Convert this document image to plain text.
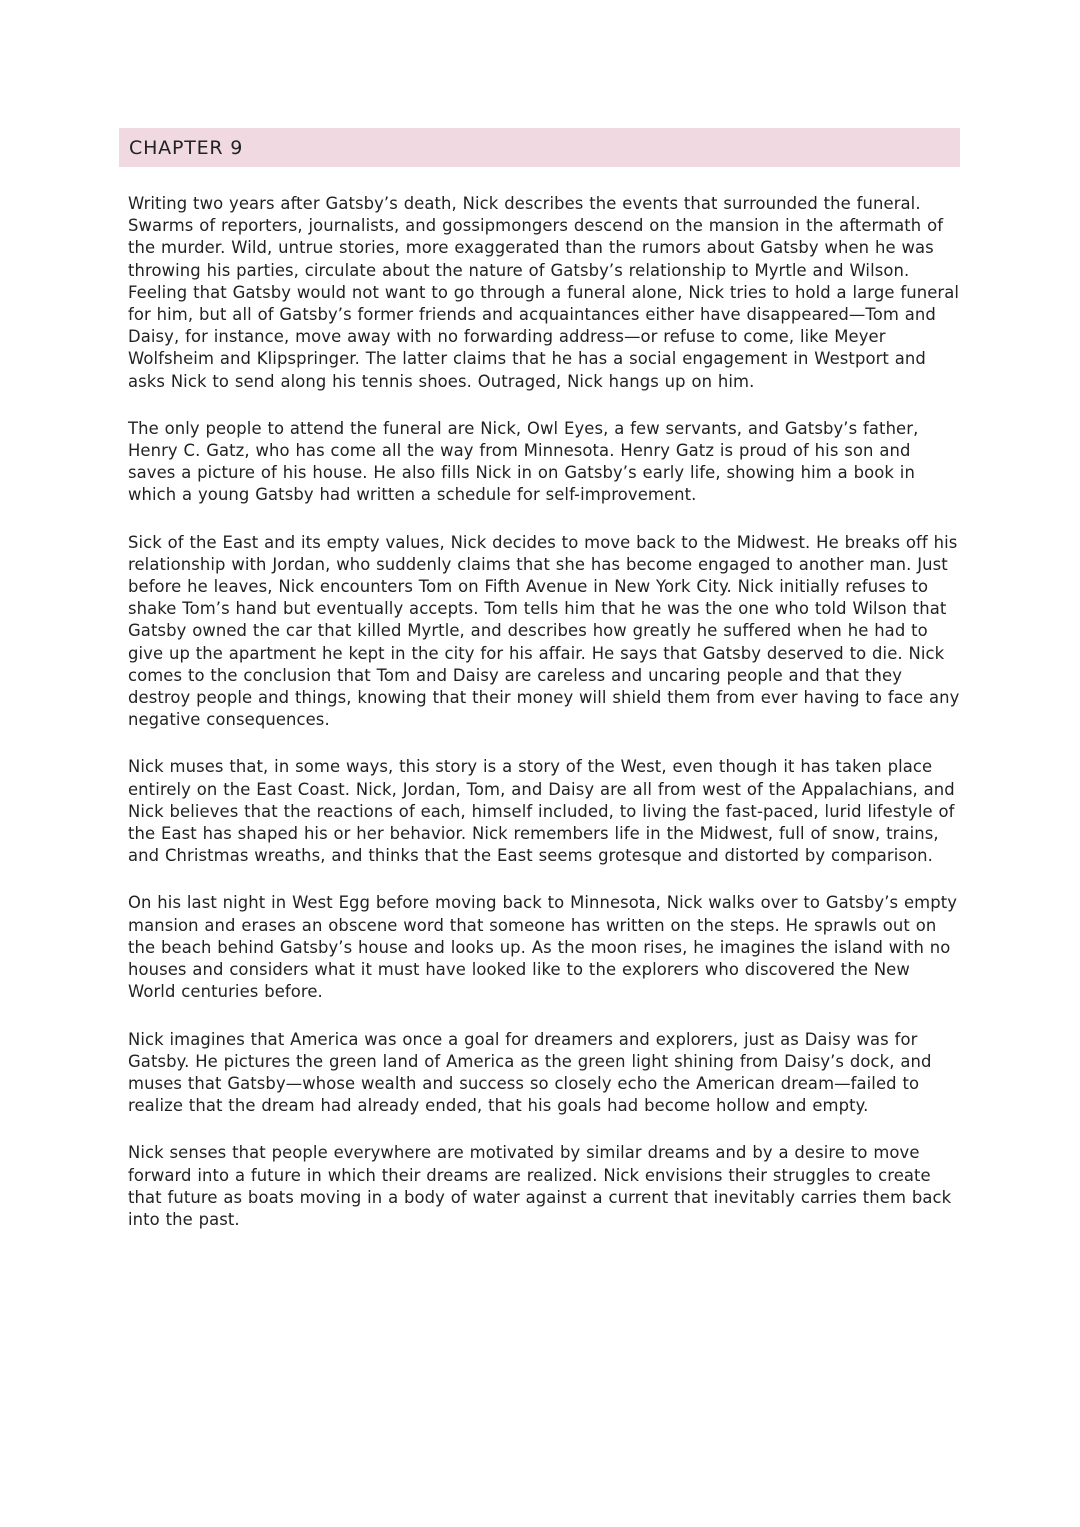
CHAPTER 9

Writing two years after Gatsby’s death, Nick describes the events that surrounded the funeral. Swarms of reporters, journalists, and gossipmongers descend on the mansion in the aftermath of the murder. Wild, untrue stories, more exaggerated than the rumors about Gatsby when he was throwing his parties, circulate about the nature of Gatsby’s relationship to Myrtle and Wilson. Feeling that Gatsby would not want to go through a funeral alone, Nick tries to hold a large funeral for him, but all of Gatsby’s former friends and acquaintances either have disappeared—Tom and Daisy, for instance, move away with no forwarding address—or refuse to come, like Meyer Wolfsheim and Klipspringer. The latter claims that he has a social engagement in Westport and asks Nick to send along his tennis shoes. Outraged, Nick hangs up on him.

The only people to attend the funeral are Nick, Owl Eyes, a few servants, and Gatsby’s father, Henry C. Gatz, who has come all the way from Minnesota. Henry Gatz is proud of his son and saves a picture of his house. He also fills Nick in on Gatsby’s early life, showing him a book in which a young Gatsby had written a schedule for self-improvement.

Sick of the East and its empty values, Nick decides to move back to the Midwest. He breaks off his relationship with Jordan, who suddenly claims that she has become engaged to another man. Just before he leaves, Nick encounters Tom on Fifth Avenue in New York City. Nick initially refuses to shake Tom’s hand but eventually accepts. Tom tells him that he was the one who told Wilson that Gatsby owned the car that killed Myrtle, and describes how greatly he suffered when he had to give up the apartment he kept in the city for his affair. He says that Gatsby deserved to die. Nick comes to the conclusion that Tom and Daisy are careless and uncaring people and that they destroy people and things, knowing that their money will shield them from ever having to face any negative consequences.

Nick muses that, in some ways, this story is a story of the West, even though it has taken place entirely on the East Coast. Nick, Jordan, Tom, and Daisy are all from west of the Appalachians, and Nick believes that the reactions of each, himself included, to living the fast-paced, lurid lifestyle of the East has shaped his or her behavior. Nick remembers life in the Midwest, full of snow, trains, and Christmas wreaths, and thinks that the East seems grotesque and distorted by comparison.

On his last night in West Egg before moving back to Minnesota, Nick walks over to Gatsby’s empty mansion and erases an obscene word that someone has written on the steps. He sprawls out on the beach behind Gatsby’s house and looks up. As the moon rises, he imagines the island with no houses and considers what it must have looked like to the explorers who discovered the New World centuries before.

Nick imagines that America was once a goal for dreamers and explorers, just as Daisy was for Gatsby. He pictures the green land of America as the green light shining from Daisy’s dock, and muses that Gatsby—whose wealth and success so closely echo the American dream—failed to realize that the dream had already ended, that his goals had become hollow and empty.

Nick senses that people everywhere are motivated by similar dreams and by a desire to move forward into a future in which their dreams are realized. Nick envisions their struggles to create that future as boats moving in a body of water against a current that inevitably carries them back into the past.
